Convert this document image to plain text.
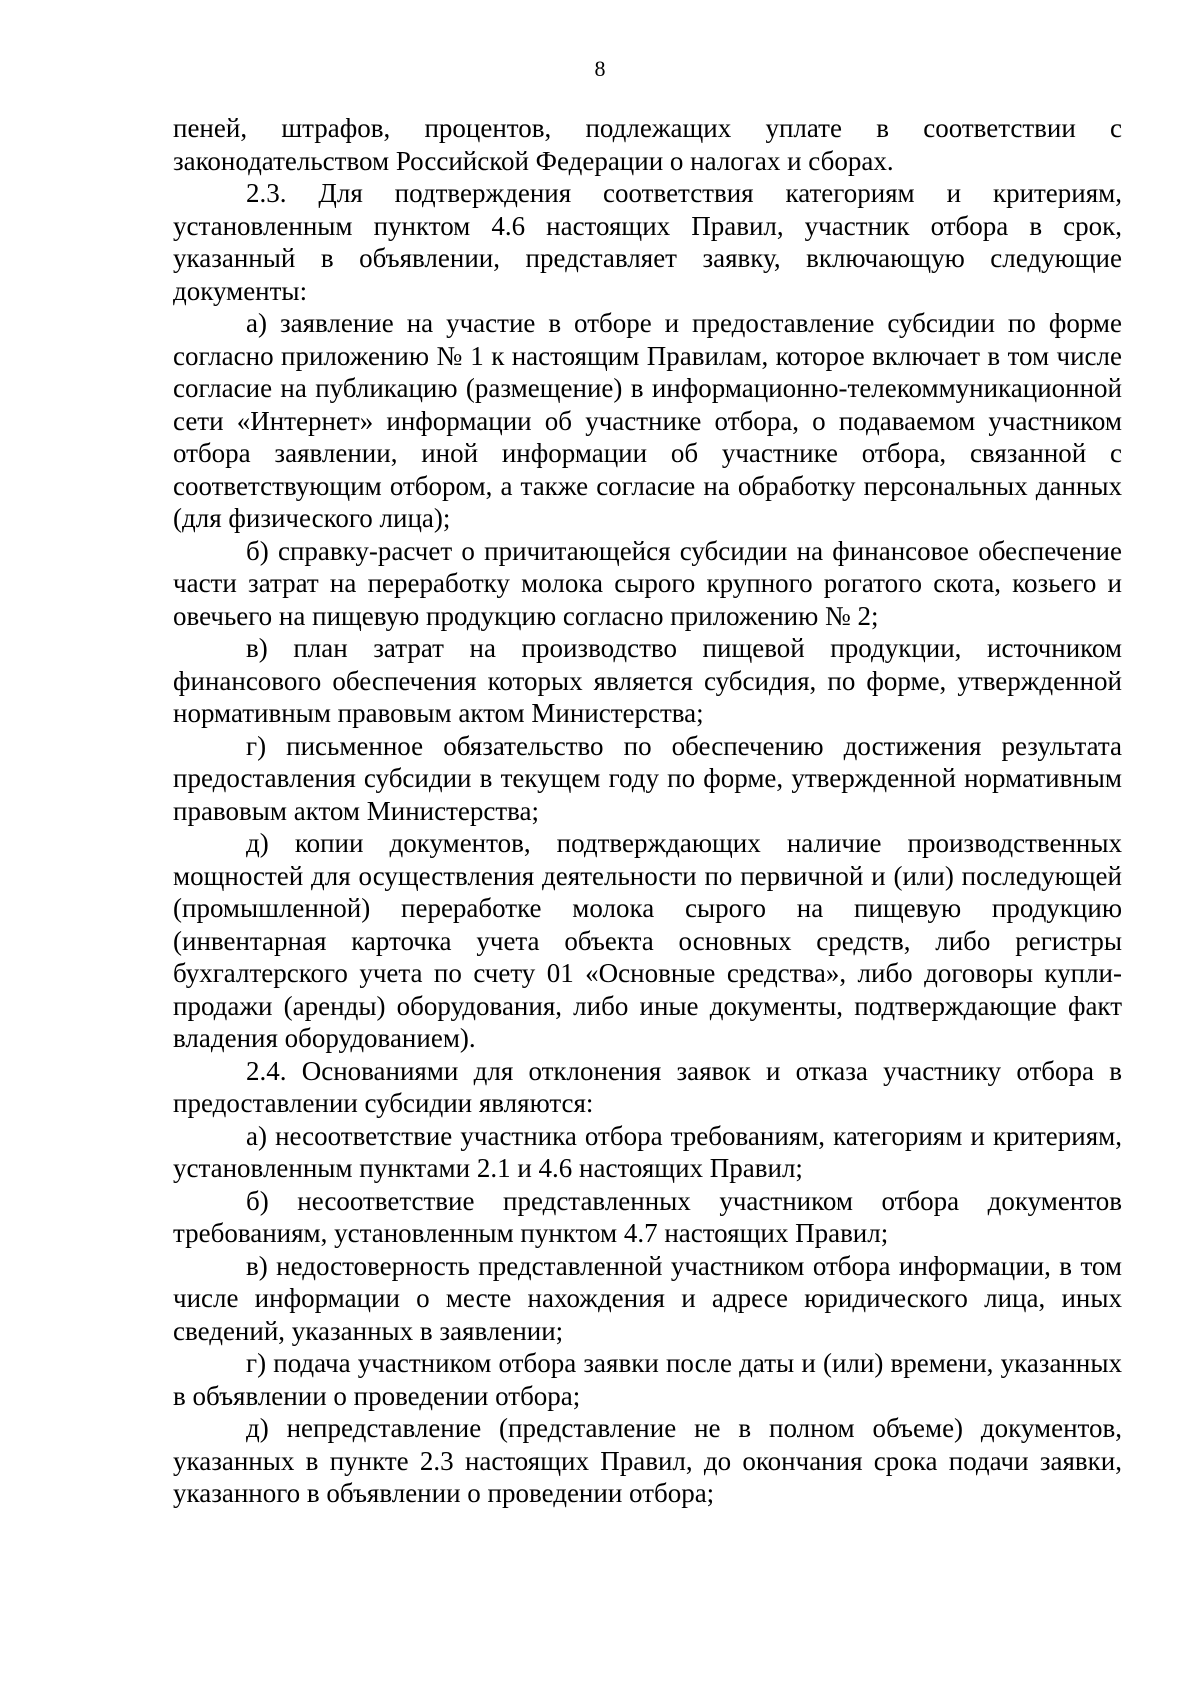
8

пеней, штрафов, процентов, подлежащих уплате в соответствии с законодательством Российской Федерации о налогах и сборах.

2.3. Для подтверждения соответствия категориям и критериям, установленным пунктом 4.6 настоящих Правил, участник отбора в срок, указанный в объявлении, представляет заявку, включающую следующие документы:

а) заявление на участие в отборе и предоставление субсидии по форме согласно приложению № 1 к настоящим Правилам, которое включает в том числе согласие на публикацию (размещение) в информационно-телекоммуникационной сети «Интернет» информации об участнике отбора, о подаваемом участником отбора заявлении, иной информации об участнике отбора, связанной с соответствующим отбором, а также согласие на обработку персональных данных (для физического лица);

б) справку-расчет о причитающейся субсидии на финансовое обеспечение части затрат на переработку молока сырого крупного рогатого скота, козьего и овечьего на пищевую продукцию согласно приложению № 2;

в) план затрат на производство пищевой продукции, источником финансового обеспечения которых является субсидия, по форме, утвержденной нормативным правовым актом Министерства;

г) письменное обязательство по обеспечению достижения результата предоставления субсидии в текущем году по форме, утвержденной нормативным правовым актом Министерства;

д) копии документов, подтверждающих наличие производственных мощностей для осуществления деятельности по первичной и (или) последующей (промышленной) переработке молока сырого на пищевую продукцию (инвентарная карточка учета объекта основных средств, либо регистры бухгалтерского учета по счету 01 «Основные средства», либо договоры купли-продажи (аренды) оборудования, либо иные документы, подтверждающие факт владения оборудованием).

2.4. Основаниями для отклонения заявок и отказа участнику отбора в предоставлении субсидии являются:

а) несоответствие участника отбора требованиям, категориям и критериям, установленным пунктами 2.1 и 4.6 настоящих Правил;

б) несоответствие представленных участником отбора документов требованиям, установленным пунктом 4.7 настоящих Правил;

в) недостоверность представленной участником отбора информации, в том числе информации о месте нахождения и адресе юридического лица, иных сведений, указанных в заявлении;

г) подача участником отбора заявки после даты и (или) времени, указанных в объявлении о проведении отбора;

д) непредставление (представление не в полном объеме) документов, указанных в пункте 2.3 настоящих Правил, до окончания срока подачи заявки, указанного в объявлении о проведении отбора;
